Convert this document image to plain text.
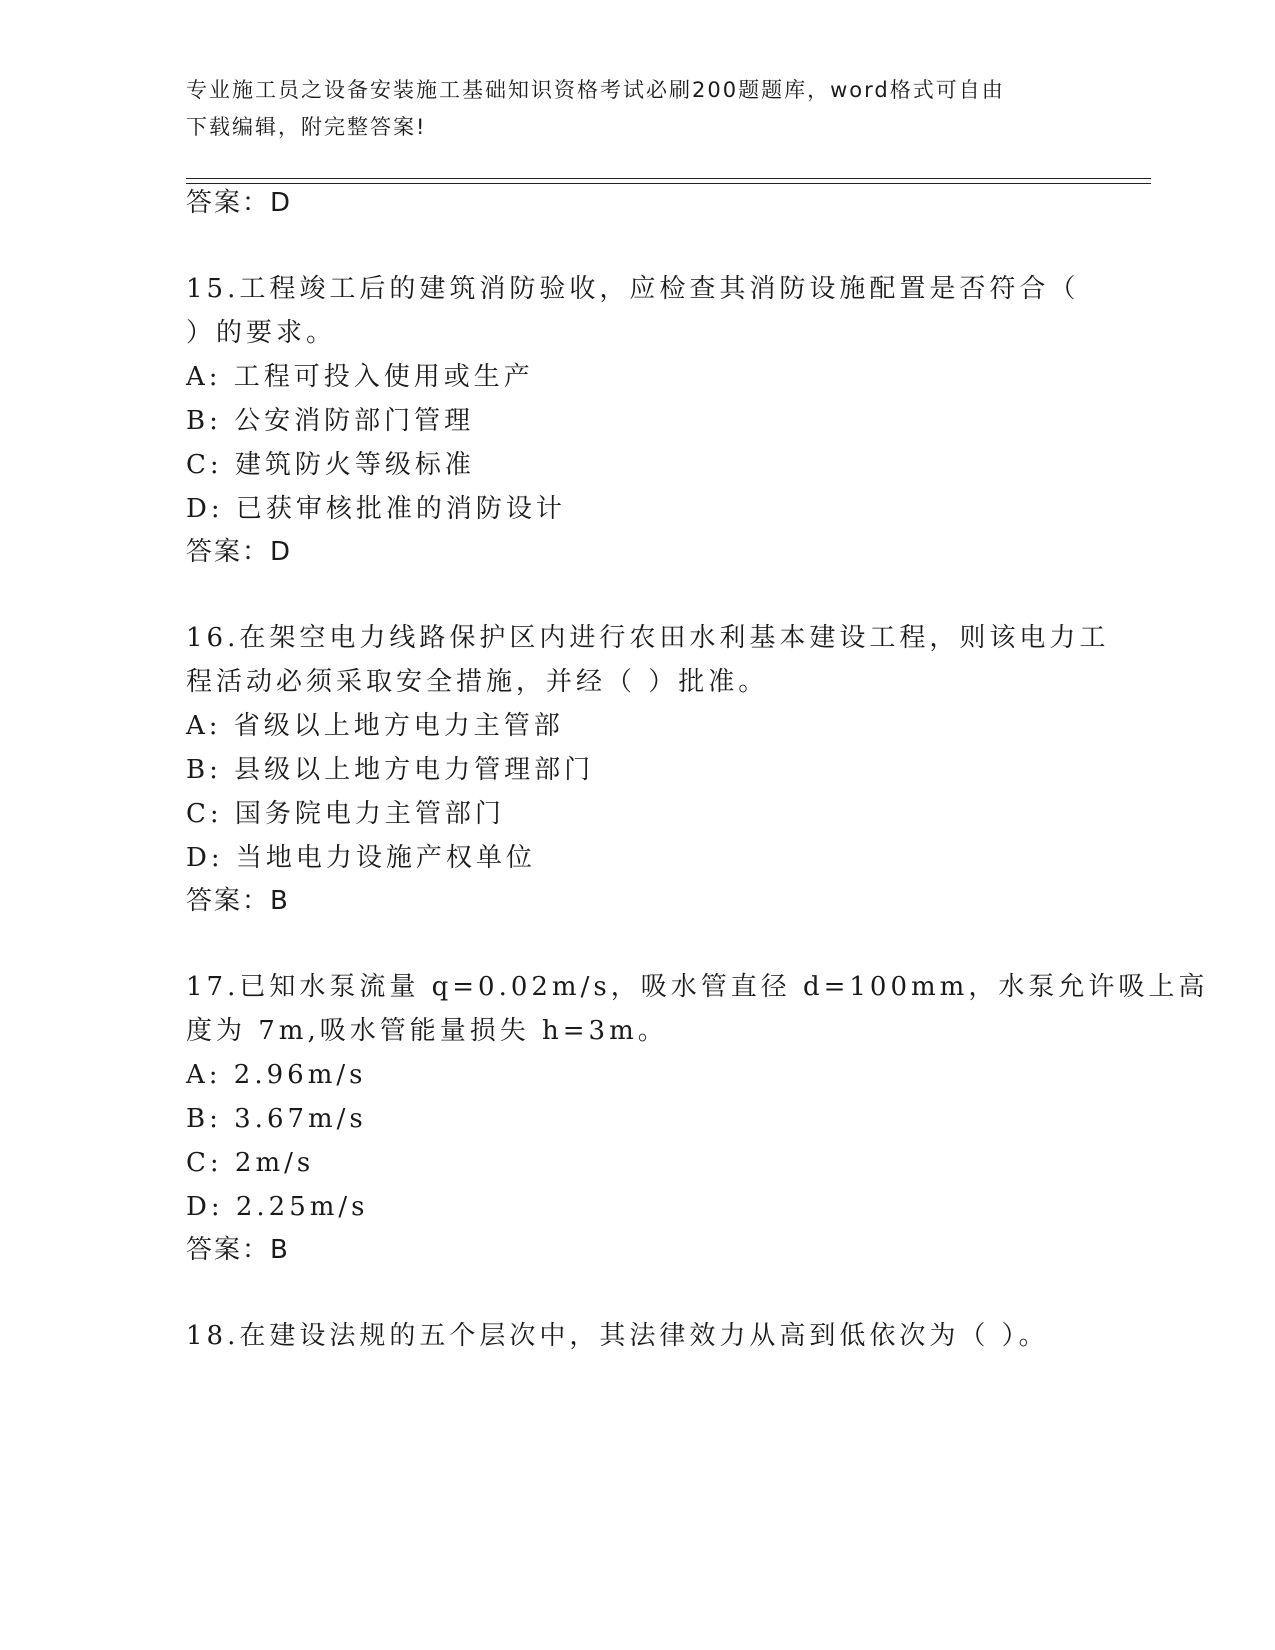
专业施工员之设备安装施工基础知识资格考试必刷200题题库，word格式可自由
下载编辑，附完整答案!
答案：D
15.工程竣工后的建筑消防验收，应检查其消防设施配置是否符合（
）的要求。
A: 工程可投入使用或生产
B: 公安消防部门管理
C: 建筑防火等级标准
D: 已获审核批准的消防设计
答案：D
16.在架空电力线路保护区内进行农田水利基本建设工程，则该电力工
程活动必须采取安全措施，并经（ ）批准。
A: 省级以上地方电力主管部
B: 县级以上地方电力管理部门
C: 国务院电力主管部门
D: 当地电力设施产权单位
答案：B
17.已知水泵流量 q=0.02m/s，吸水管直径 d=100mm，水泵允许吸上高
度为 7m,吸水管能量损失 h=3m。
A: 2.96m/s
B: 3.67m/s
C: 2m/s
D: 2.25m/s
答案：B
18.在建设法规的五个层次中，其法律效力从高到低依次为（ ）。
